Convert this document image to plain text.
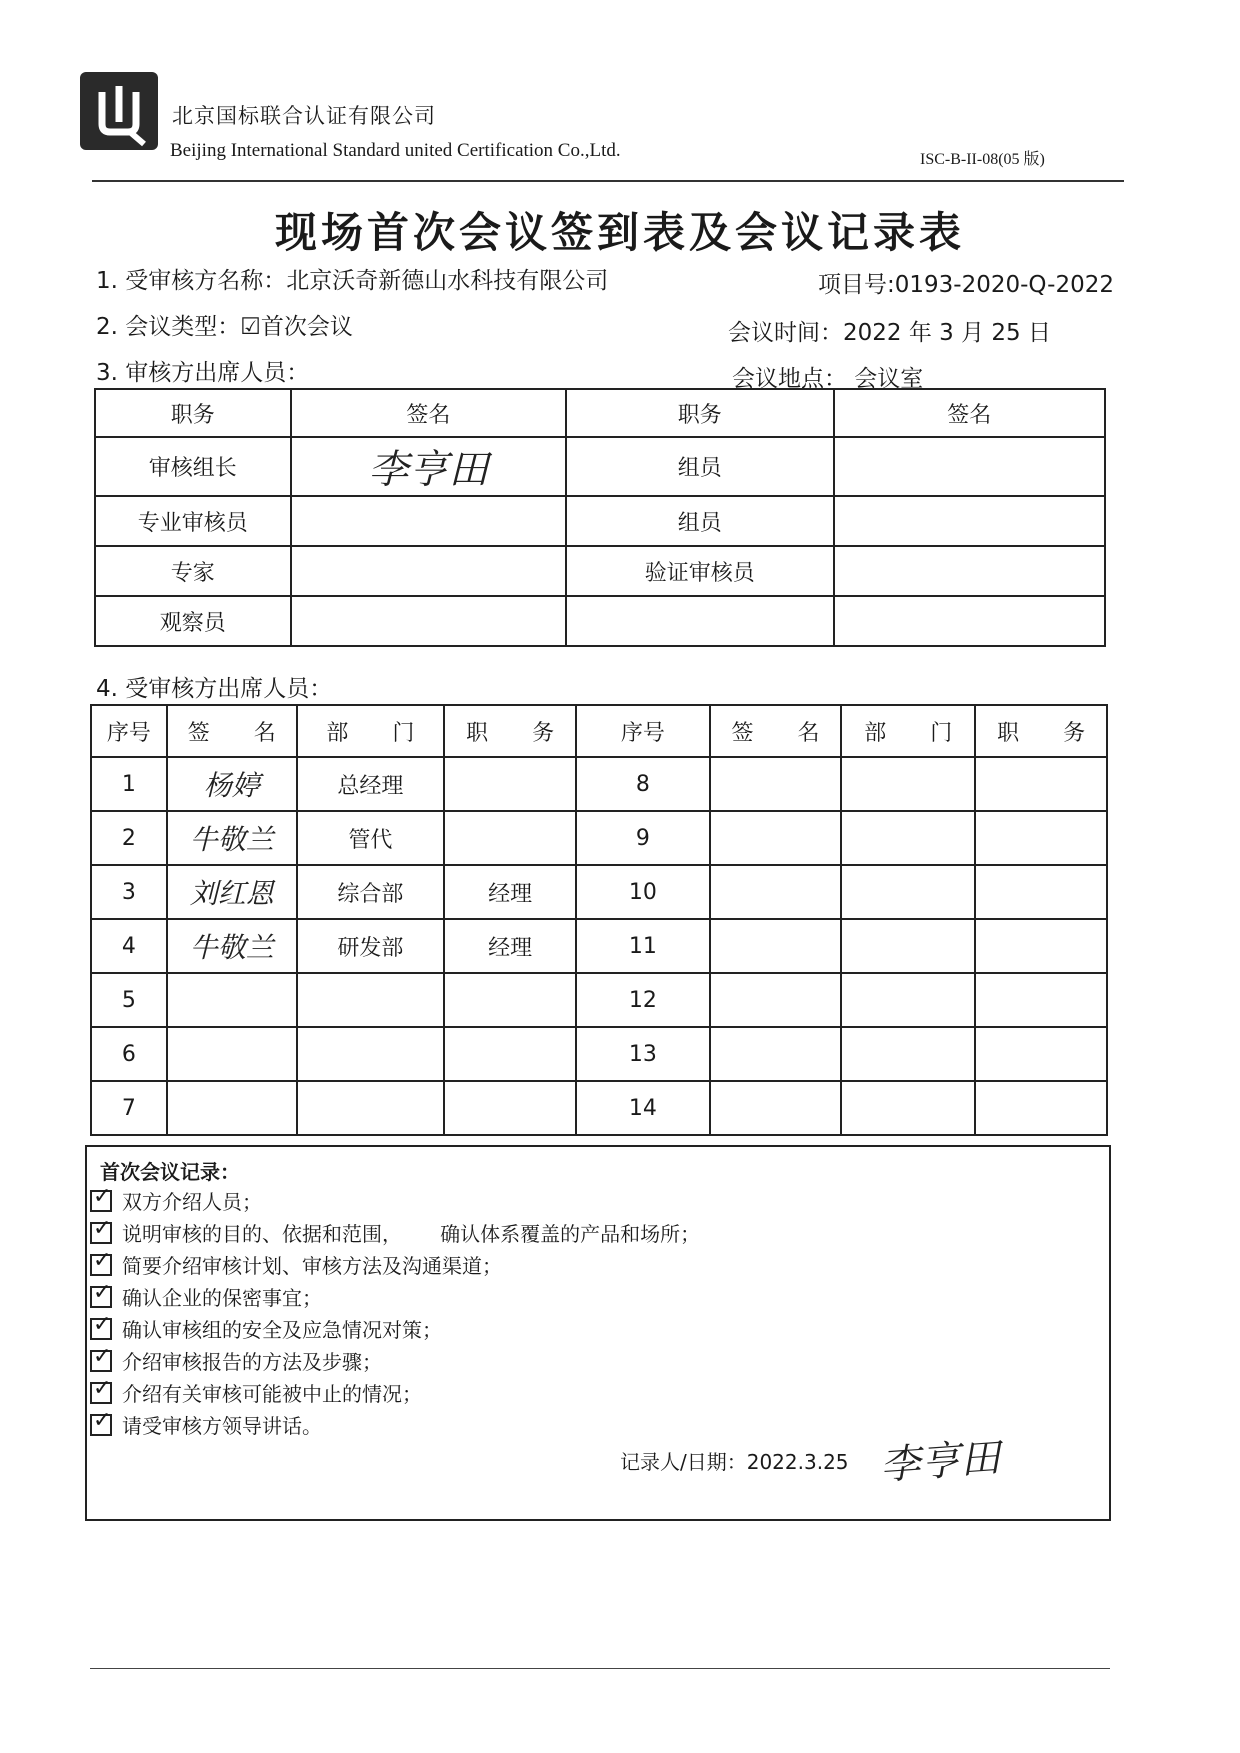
北京国标联合认证有限公司
Beijing International Standard united Certification Co.,Ltd.	ISC-B-II-08(05 版)
现场首次会议签到表及会议记录表
1. 受审核方名称：北京沃奇新德山水科技有限公司	项目号:0193-2020-Q-2022
2. 会议类型：☑首次会议	会议时间：2022 年 3 月 25 日
3. 审核方出席人员：	会议地点： 会议室
职务	签名	职务	签名
审核组长	李亨田	组员	
专业审核员		组员	
专家		验证审核员	
观察员			
4. 受审核方出席人员：
序号	签　　名	部　　门	职　　务	序号	签　　名	部　　门	职　　务
1	杨婷	总经理		8			
2	牛敬兰	管代		9			
3	刘红恩	综合部	经理	10			
4	牛敬兰	研发部	经理	11			
5				12			
6				13			
7				14			
首次会议记录：
✓双方介绍人员；
✓说明审核的目的、依据和范围，      确认体系覆盖的产品和场所；
✓简要介绍审核计划、审核方法及沟通渠道；
✓确认企业的保密事宜；
✓确认审核组的安全及应急情况对策；
✓介绍审核报告的方法及步骤；
✓介绍有关审核可能被中止的情况；
✓请受审核方领导讲话。
记录人/日期：2022.3.25 李亨田
